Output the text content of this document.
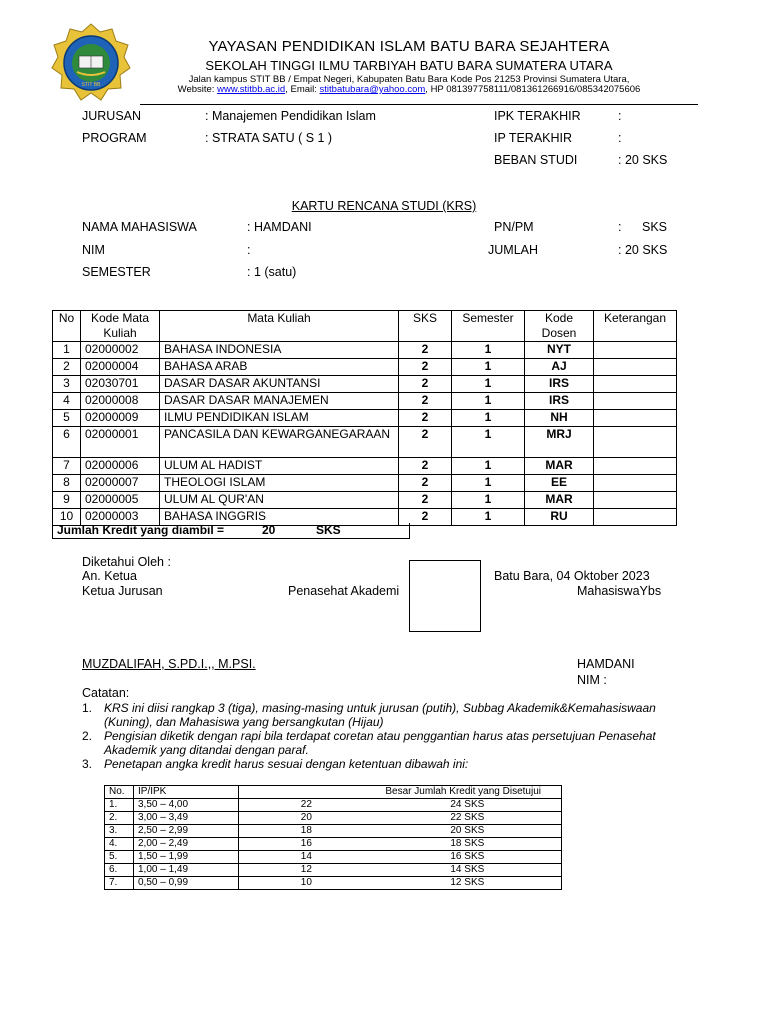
STIT BB
YAYASAN PENDIDIKAN ISLAM BATU BARA SEJAHTERA
SEKOLAH TINGGI ILMU TARBIYAH BATU BARA SUMATERA UTARA
Jalan kampus STIT BB / Empat Negeri, Kabupaten Batu Bara Kode Pos 21253 Provinsi Sumatera Utara,
Website: www.stitbb.ac.id, Email: stitbatubara@yahoo.com, HP 081397758111/081361266916/085342075606
JURUSAN	: Manajemen Pendidikan Islam
PROGRAM	: STRATA SATU ( S 1 )
IPK TERAKHIR	:
IP TERAKHIR	:
BEBAN STUDI	: 20 SKS
KARTU RENCANA STUDI (KRS)
NAMA MAHASISWA	: HAMDANI
NIM	:
SEMESTER	: 1 (satu)
PN/PM	: SKS
JUMLAH	: 20 SKS
No	Kode Mata Kuliah	Mata Kuliah	SKS	Semester	Kode Dosen	Keterangan
1	02000002	BAHASA INDONESIA	2	1	NYT	
2	02000004	BAHASA ARAB	2	1	AJ	
3	02030701	DASAR DASAR AKUNTANSI	2	1	IRS	
4	02000008	DASAR DASAR MANAJEMEN	2	1	IRS	
5	02000009	ILMU PENDIDIKAN ISLAM	2	1	NH	
6	02000001	PANCASILA DAN KEWARGANEGARAAN	2	1	MRJ	
7	02000006	ULUM AL HADIST	2	1	MAR	
8	02000007	THEOLOGI ISLAM	2	1	EE	
9	02000005	ULUM AL QUR'AN	2	1	MAR	
10	02000003	BAHASA INGGRIS	2	1	RU	
Jumlah Kredit yang diambil =	20	SKS
Diketahui Oleh :
An. Ketua
Ketua Jurusan	Penasehat Akademi
Batu Bara, 04 Oktober 2023
MahasiswaYbs
MUZDALIFAH, S.PD.I.,, M.PSI.	HAMDANI
NIM :
Catatan:
1. KRS ini diisi rangkap 3 (tiga), masing-masing untuk jurusan (putih), Subbag Akademik&Kemahasiswaan
(Kuning), dan Mahasiswa yang bersangkutan (Hijau)
2. Pengisian diketik dengan rapi bila terdapat coretan atau penggantian harus atas persetujuan Penasehat
Akademik yang ditandai dengan paraf.
3. Penetapan angka kredit harus sesuai dengan ketentuan dibawah ini:
No.	IP/IPK	Besar Jumlah Kredit yang Disetujui	
1.	3,50 – 4,00	22	24 SKS
2.	3,00 – 3,49	20	22 SKS
3.	2,50 – 2,99	18	20 SKS
4.	2,00 – 2,49	16	18 SKS
5.	1,50 – 1,99	14	16 SKS
6.	1,00 – 1,49	12	14 SKS
7.	0,50 – 0,99	10	12 SKS
